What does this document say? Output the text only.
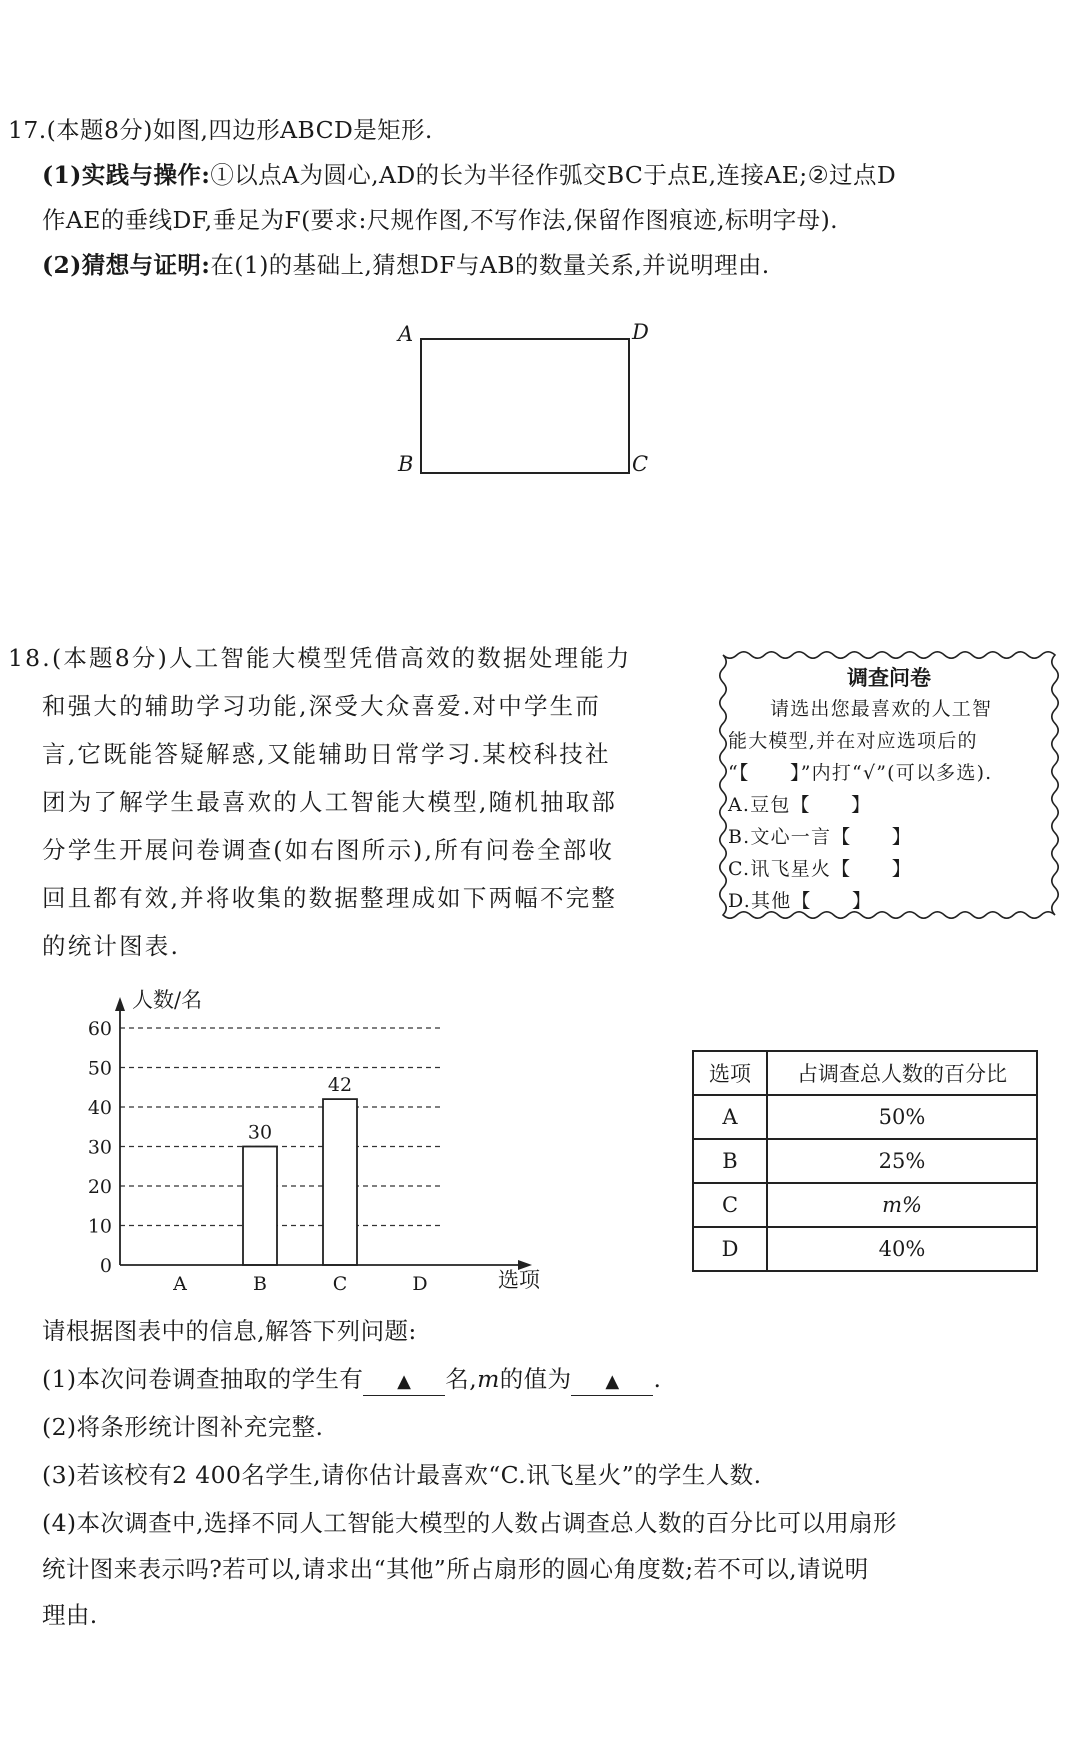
17.(本题8分)如图,四边形ABCD是矩形.
(1)实践与操作:①以点A为圆心,AD的长为半径作弧交BC于点E,连接AE;②过点D
作AE的垂线DF,垂足为F(要求:尺规作图,不写作法,保留作图痕迹,标明字母).
(2)猜想与证明:在(1)的基础上,猜想DF与AB的数量关系,并说明理由.
A	D
B	C
18.(本题8分)人工智能大模型凭借高效的数据处理能力
和强大的辅助学习功能,深受大众喜爱.对中学生而
言,它既能答疑解惑,又能辅助日常学习.某校科技社
团为了解学生最喜欢的人工智能大模型,随机抽取部
分学生开展问卷调查(如右图所示),所有问卷全部收
回且都有效,并将收集的数据整理成如下两幅不完整
的统计图表.
调查问卷
请选出您最喜欢的人工智
能大模型,并在对应选项后的
“【　　】”内打“√”(可以多选).
A.豆包【　　】
B.文心一言【　　】
C.讯飞星火【　　】
D.其他【　　】
30
42
0
10
20
30
40
50
60
A	B	C	D
人数/名
选项
选项	占调查总人数的百分比
A	50%
B	25%
C	m%
D	40%
请根据图表中的信息,解答下列问题:
(1)本次问卷调查抽取的学生有 ▲ 名,m的值为 ▲ .
(2)将条形统计图补充完整.
(3)若该校有2 400名学生,请你估计最喜欢“C.讯飞星火”的学生人数.
(4)本次调查中,选择不同人工智能大模型的人数占调查总人数的百分比可以用扇形
统计图来表示吗?若可以,请求出“其他”所占扇形的圆心角度数;若不可以,请说明
理由.
